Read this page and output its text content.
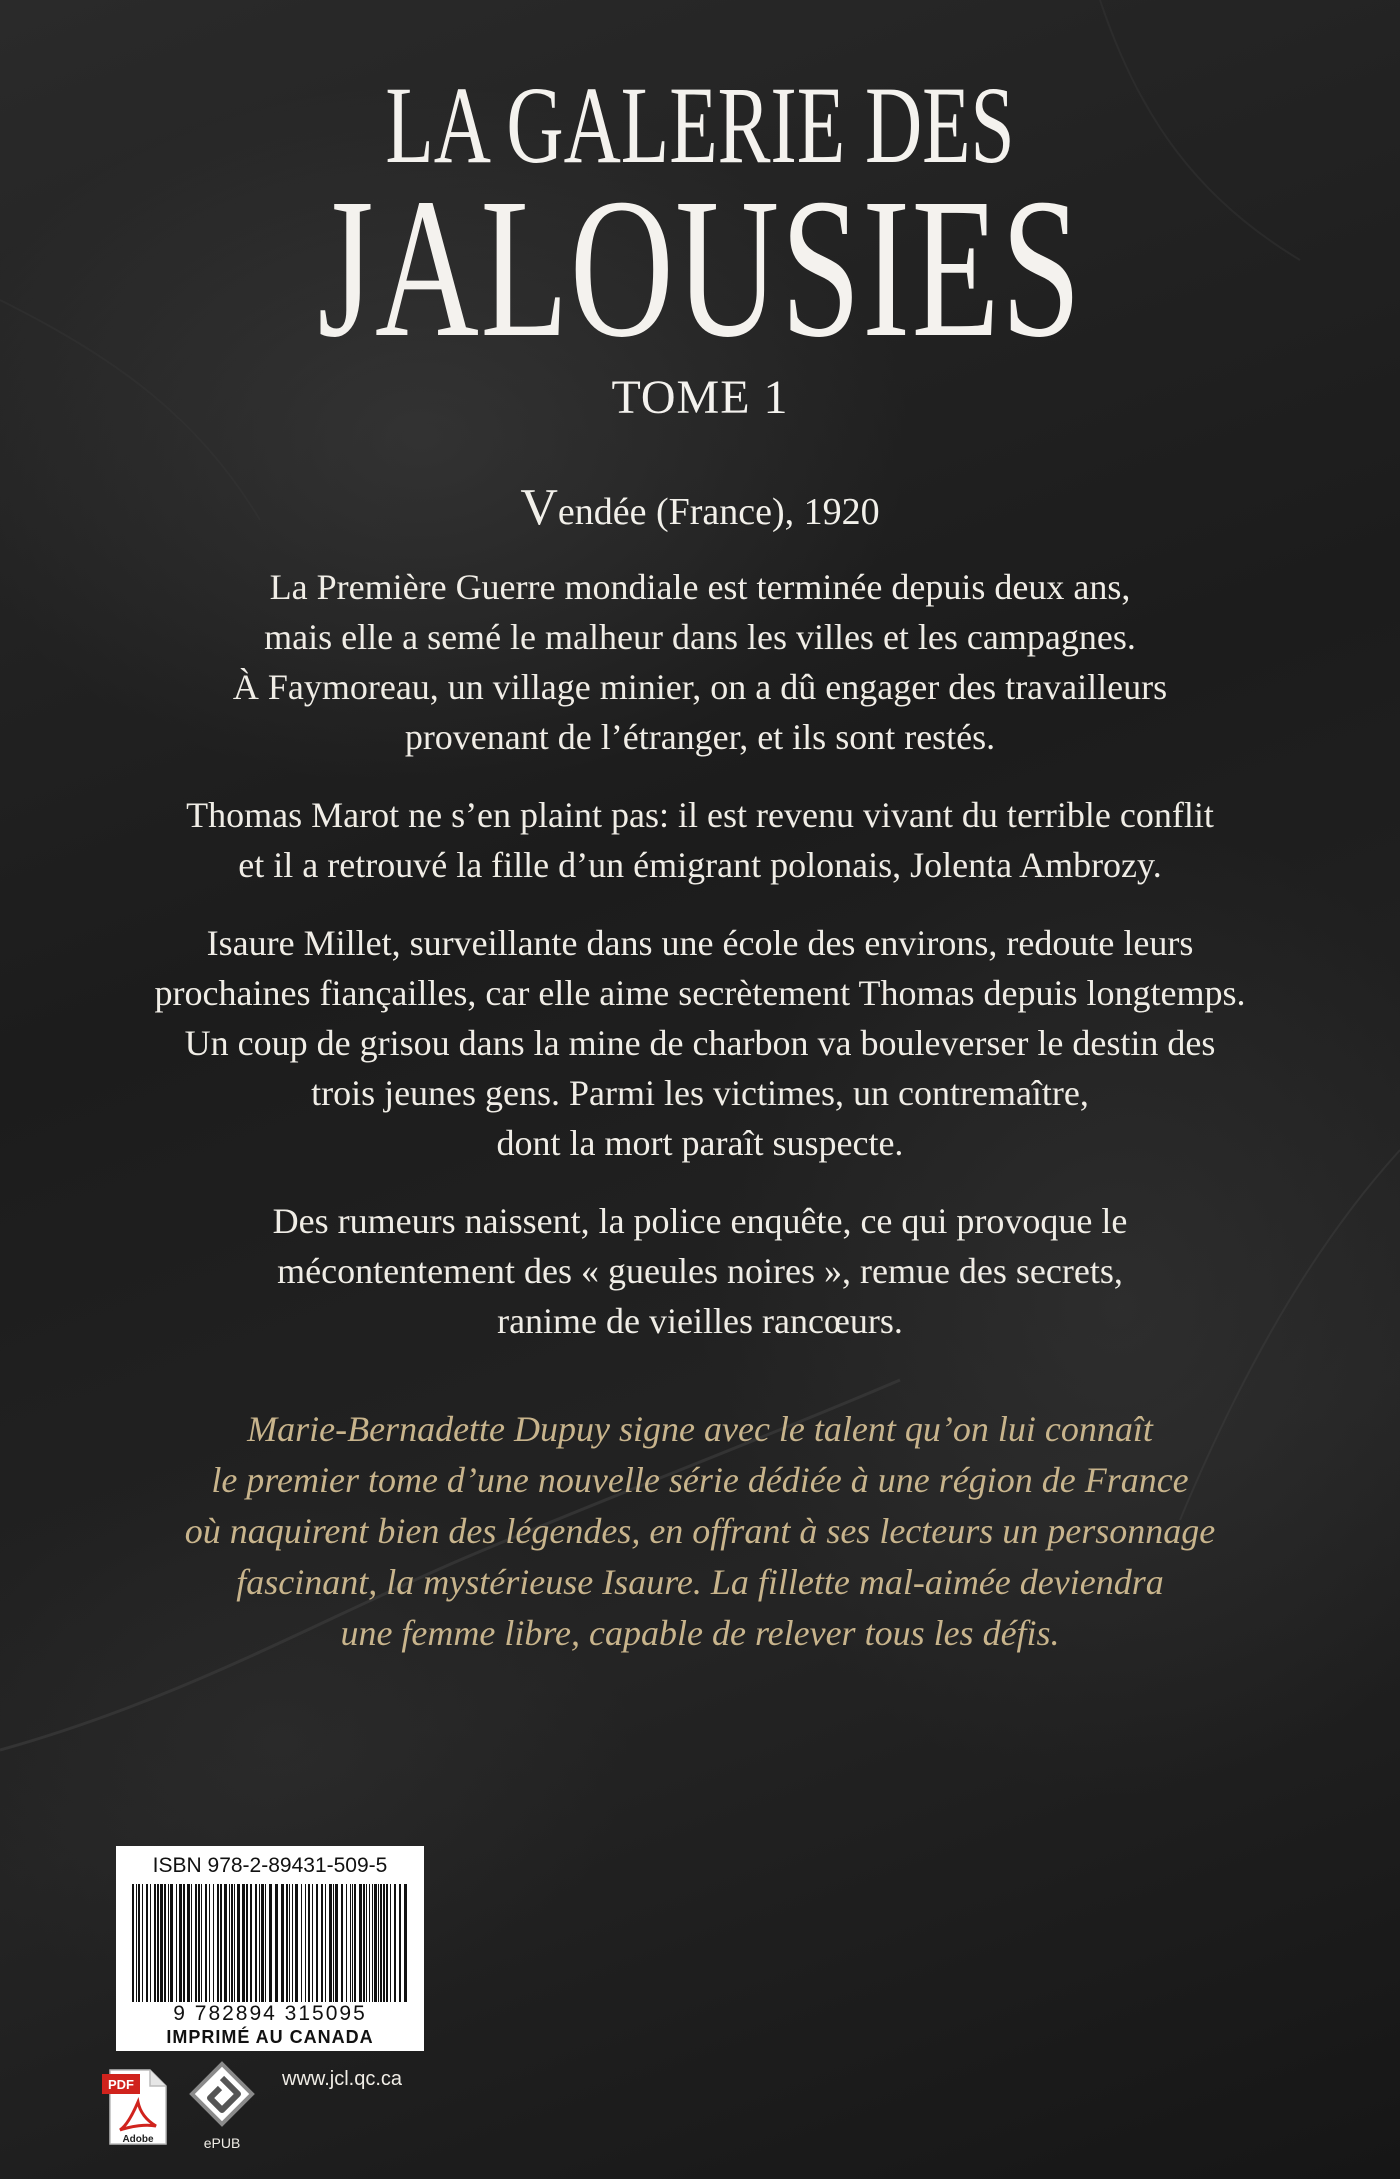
LA GALERIE DES
JALOUSIES
TOME 1
Vendée (France), 1920

La Première Guerre mondiale est terminée depuis deux ans,
mais elle a semé le malheur dans les villes et les campagnes.
À Faymoreau, un village minier, on a dû engager des travailleurs
provenant de l’étranger, et ils sont restés.

Thomas Marot ne s’en plaint pas: il est revenu vivant du terrible conflit
et il a retrouvé la fille d’un émigrant polonais, Jolenta Ambrozy.

Isaure Millet, surveillante dans une école des environs, redoute leurs
prochaines fiançailles, car elle aime secrètement Thomas depuis longtemps.
Un coup de grisou dans la mine de charbon va bouleverser le destin des
trois jeunes gens. Parmi les victimes, un contremaître,
dont la mort paraît suspecte.

Des rumeurs naissent, la police enquête, ce qui provoque le
mécontentement des « gueules noires », remue des secrets,
ranime de vieilles rancœurs.

Marie-Bernadette Dupuy signe avec le talent qu’on lui connaît
le premier tome d’une nouvelle série dédiée à une région de France
où naquirent bien des légendes, en offrant à ses lecteurs un personnage
fascinant, la mystérieuse Isaure. La fillette mal-aimée deviendra
une femme libre, capable de relever tous les défis.

ISBN 978-2-89431-509-5
9 782894 315095
IMPRIMÉ AU CANADA
PDF
Adobe	ePUB
www.jcl.qc.ca
